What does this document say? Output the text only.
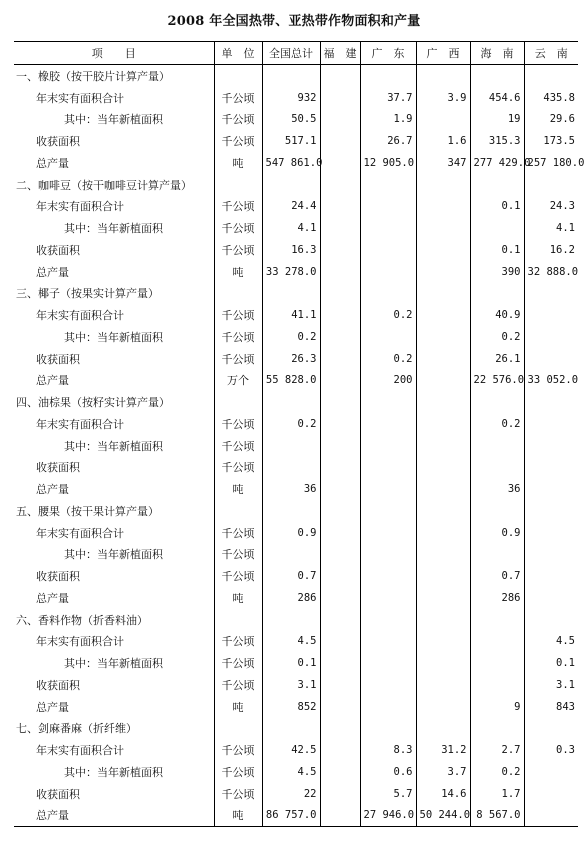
2008 年全国热带、亚热带作物面积和产量
项　　目	单　位	全国总计	福　建	广　东	广　西	海　南	云　南
一、橡胶（按干胶片计算产量）							
年末实有面积合计	千公顷	932		37.7	3.9	454.6	435.8
其中：当年新植面积	千公顷	50.5		1.9		19	29.6
收获面积	千公顷	517.1		26.7	1.6	315.3	173.5
总产量	吨	547 861.0		12 905.0	347	277 429.0	257 180.0
二、咖啡豆（按干咖啡豆计算产量）							
年末实有面积合计	千公顷	24.4				0.1	24.3
其中：当年新植面积	千公顷	4.1					4.1
收获面积	千公顷	16.3				0.1	16.2
总产量	吨	33 278.0				390	32 888.0
三、椰子（按果实计算产量）							
年末实有面积合计	千公顷	41.1		0.2		40.9	
其中：当年新植面积	千公顷	0.2				0.2	
收获面积	千公顷	26.3		0.2		26.1	
总产量	万个	55 828.0		200		22 576.0	33 052.0
四、油棕果（按籽实计算产量）							
年末实有面积合计	千公顷	0.2				0.2	
其中：当年新植面积	千公顷						
收获面积	千公顷						
总产量	吨	36				36	
五、腰果（按干果计算产量）							
年末实有面积合计	千公顷	0.9				0.9	
其中：当年新植面积	千公顷						
收获面积	千公顷	0.7				0.7	
总产量	吨	286				286	
六、香料作物（折香料油）							
年末实有面积合计	千公顷	4.5					4.5
其中：当年新植面积	千公顷	0.1					0.1
收获面积	千公顷	3.1					3.1
总产量	吨	852				9	843
七、剑麻番麻（折纤维）							
年末实有面积合计	千公顷	42.5		8.3	31.2	2.7	0.3
其中：当年新植面积	千公顷	4.5		0.6	3.7	0.2	
收获面积	千公顷	22		5.7	14.6	1.7	
总产量	吨	86 757.0		27 946.0	50 244.0	8 567.0	
